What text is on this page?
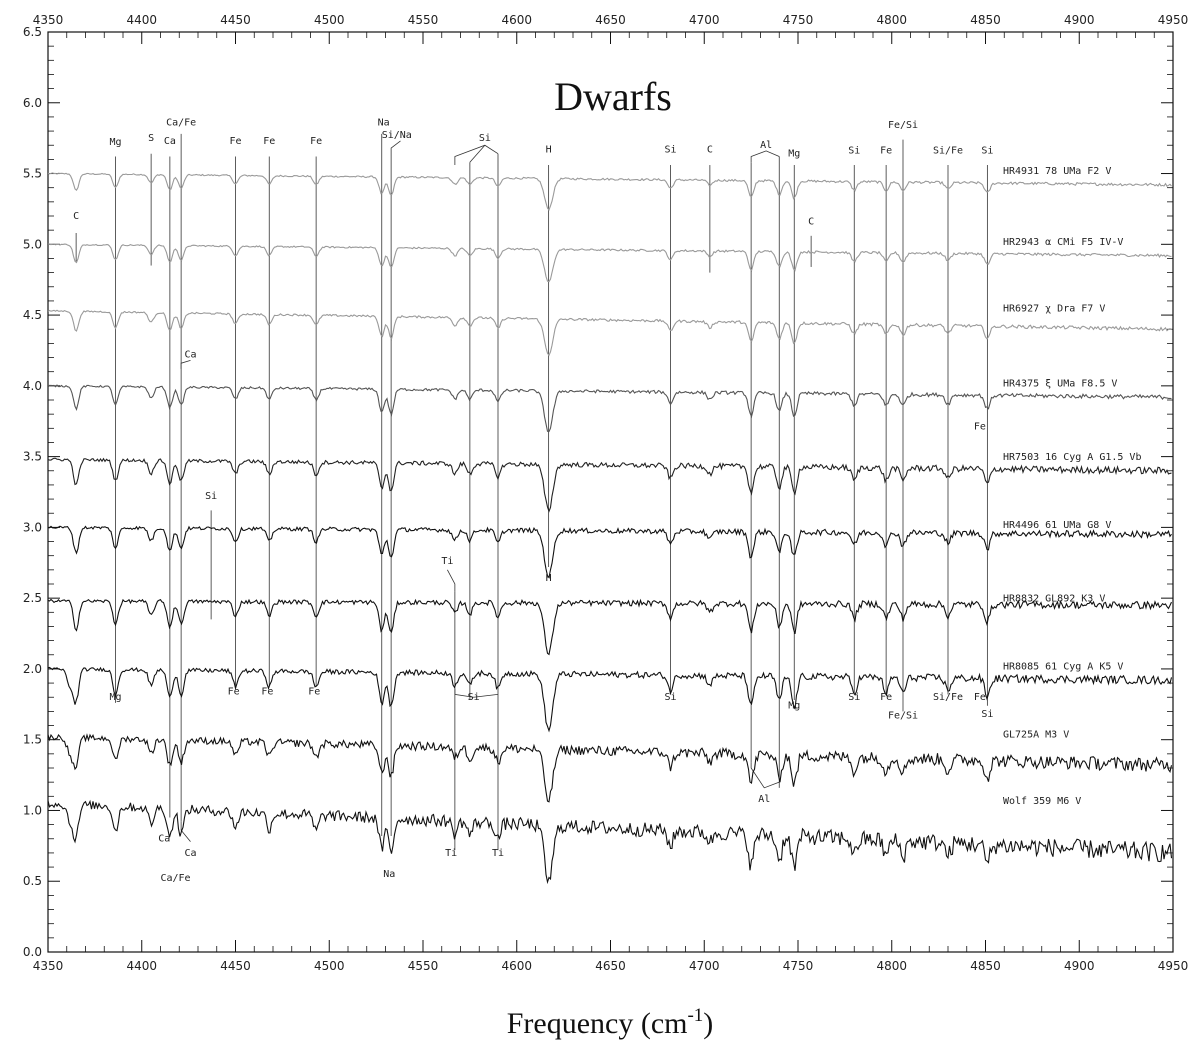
4350
4350
4400
4400
4450
4450
4500
4500
4550
4550
4600
4600
4650
4650
4700
4700
4750
4750
4800
4800
4850
4850
4900
4900
4950
4950
0.0
0.5
1.0
1.5
2.0
2.5
3.0
3.5
4.0
4.5
5.0
5.5
6.0
6.5
Mg	S Ca
Ca/Fe
Fe Fe	Fe
Na
Si/Na	Si
H	Si	C	Al
Mg	Si Fe
Fe/Si
Si/Fe Si
C
C
Ca
Fe
Si
Ti
H
Mg
Fe Fe	Fe
Si	Si
Mg
Si Fe
Fe/Si
Si/Fe Fe
Si
Al
Ca
Ca
Ca/Fe	Na
Ti	Ti
HR4931 78 UMa F2 V
HR2943 α CMi F5 IV-V
HR6927 χ Dra F7 V
HR4375 ξ UMa F8.5 V
HR7503 16 Cyg A G1.5 Vb
HR4496 61 UMa G8 V
HR8832 GL892 K3 V
HR8085 61 Cyg A K5 V
GL725A M3 V
Wolf 359 M6 V
Dwarfs
Frequency $(cm^{-1})$
